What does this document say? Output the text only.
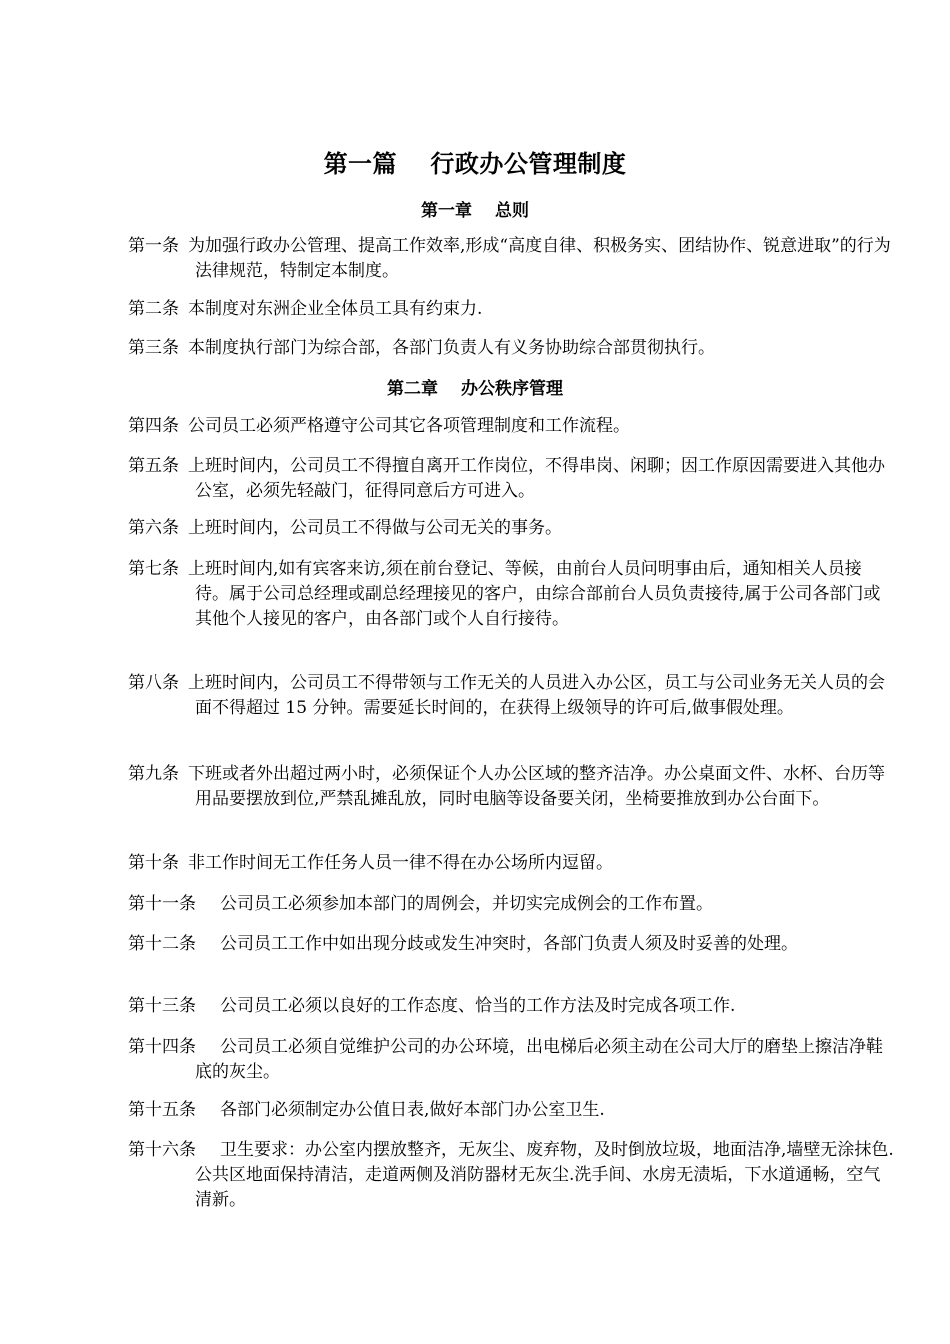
第一篇　 行政办公管理制度
第一章　 总则
第一条 为加强行政办公管理、提高工作效率,形成“高度自律、积极务实、团结协作、锐意进取”的行为法律规范，特制定本制度。
第二条 本制度对东洲企业全体员工具有约束力.
第三条 本制度执行部门为综合部，各部门负责人有义务协助综合部贯彻执行。
第二章　 办公秩序管理
第四条 公司员工必须严格遵守公司其它各项管理制度和工作流程。
第五条 上班时间内，公司员工不得擅自离开工作岗位，不得串岗、闲聊；因工作原因需要进入其他办公室，必须先轻敲门，征得同意后方可进入。
第六条 上班时间内，公司员工不得做与公司无关的事务。
第七条 上班时间内,如有宾客来访,须在前台登记、等候，由前台人员问明事由后，通知相关人员接待。属于公司总经理或副总经理接见的客户，由综合部前台人员负责接待,属于公司各部门或其他个人接见的客户，由各部门或个人自行接待。
第八条 上班时间内，公司员工不得带领与工作无关的人员进入办公区，员工与公司业务无关人员的会面不得超过 15 分钟。需要延长时间的，在获得上级领导的许可后,做事假处理。
第九条 下班或者外出超过两小时，必须保证个人办公区域的整齐洁净。办公桌面文件、水杯、台历等用品要摆放到位,严禁乱摊乱放，同时电脑等设备要关闭，坐椅要推放到办公台面下。
第十条 非工作时间无工作任务人员一律不得在办公场所内逗留。
第十一条 公司员工必须参加本部门的周例会，并切实完成例会的工作布置。
第十二条 公司员工工作中如出现分歧或发生冲突时，各部门负责人须及时妥善的处理。
第十三条 公司员工必须以良好的工作态度、恰当的工作方法及时完成各项工作.
第十四条 公司员工必须自觉维护公司的办公环境，出电梯后必须主动在公司大厅的磨垫上擦洁净鞋底的灰尘。
第十五条 各部门必须制定办公值日表,做好本部门办公室卫生.
第十六条 卫生要求：办公室内摆放整齐，无灰尘、废弃物，及时倒放垃圾，地面洁净,墙壁无涂抹色.公共区地面保持清洁，走道两侧及消防器材无灰尘.洗手间、水房无渍垢，下水道通畅，空气清新。
